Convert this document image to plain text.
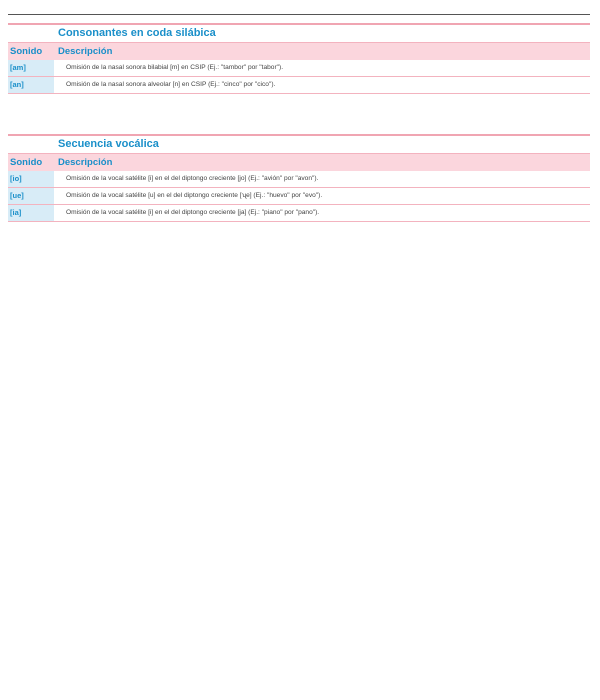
Consonantes en coda silábica
Sonido	Descripción
[am]	Omisión de la nasal sonora bilabial [m] en CSIP (Ej.: "tambor" por "tabor").
[an]	Omisión de la nasal sonora alveolar [n] en CSIP (Ej.: "cinco" por "cico").
Secuencia vocálica
Sonido	Descripción
[io]	Omisión de la vocal satélite [i] en el del diptongo creciente [jo] (Ej.: "avión" por "avon").
[ue]	Omisión de la vocal satélite [u] en el del diptongo creciente [ʯe] (Ej.: "huevo" por "evo").
[ia]	Omisión de la vocal satélite [i] en el del diptongo creciente [ja] (Ej.: "piano" por "pano").
